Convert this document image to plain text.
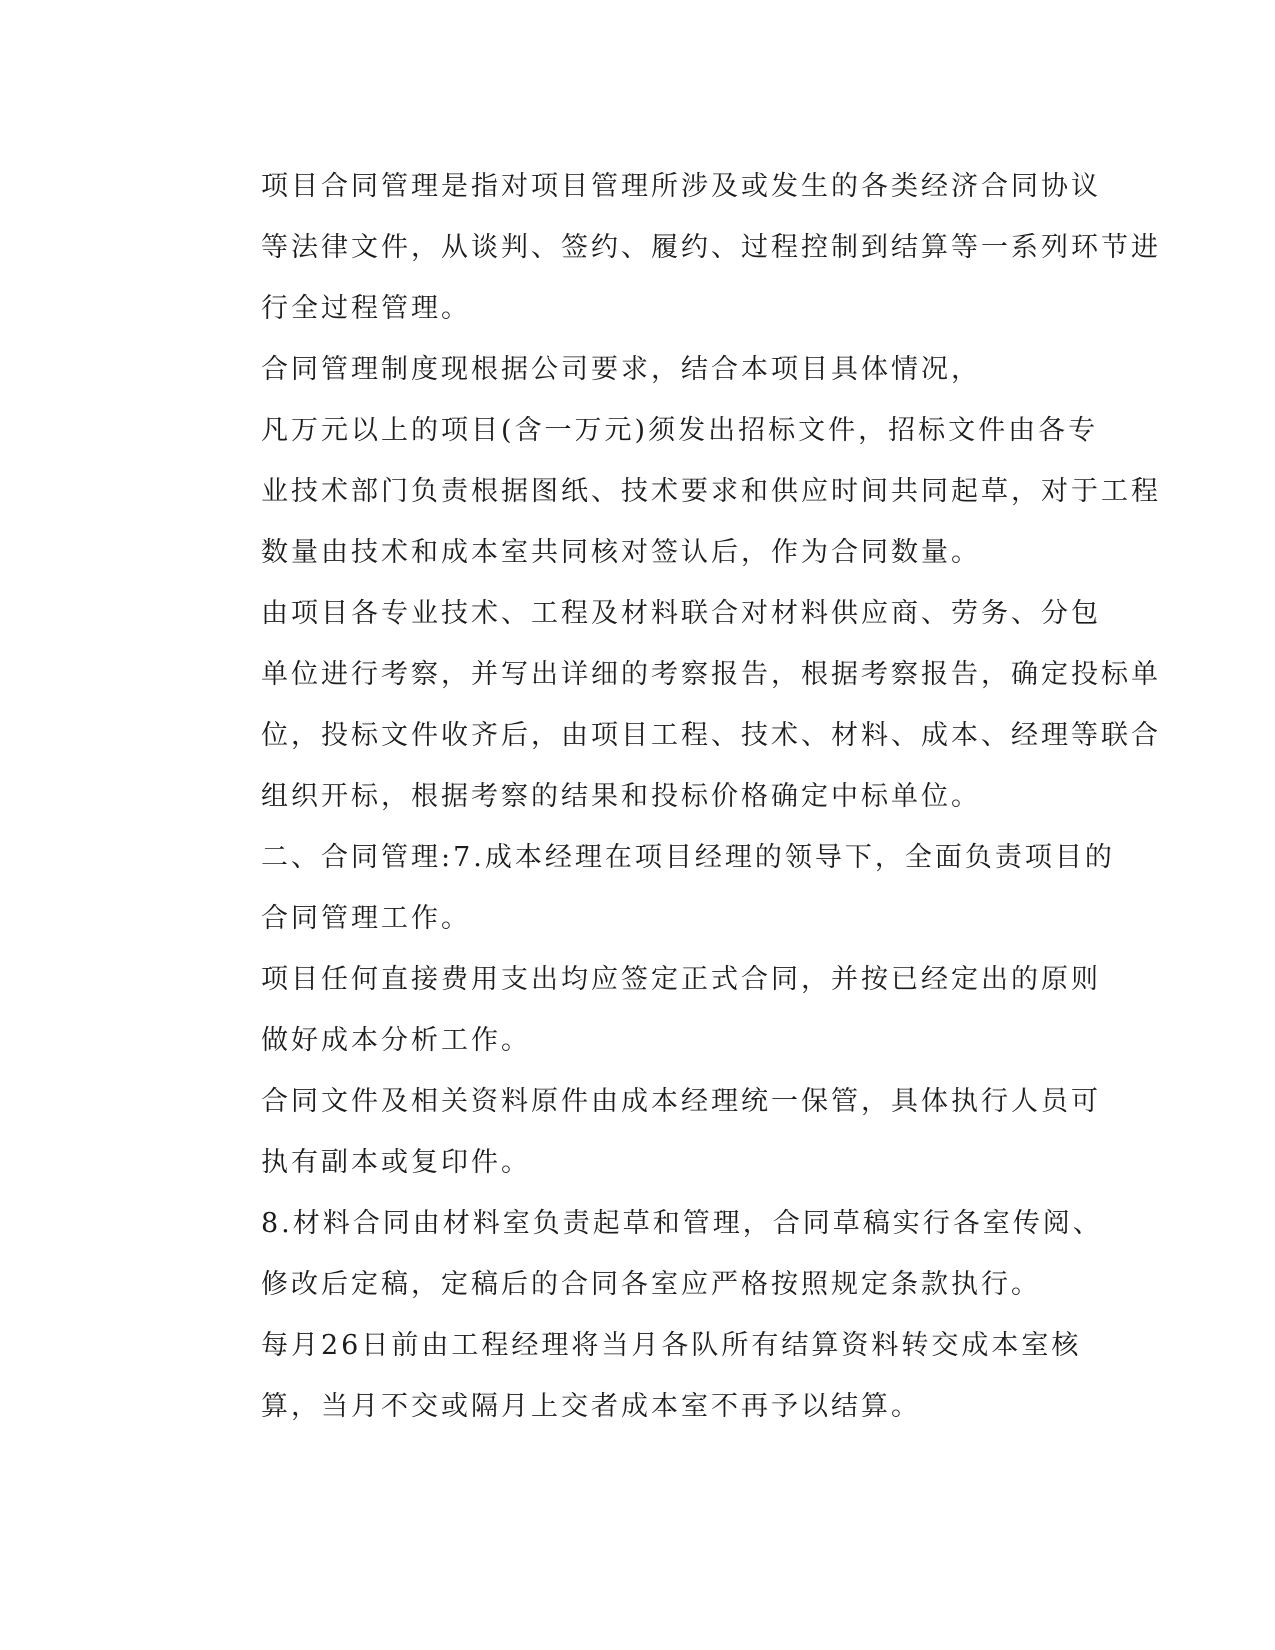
项目合同管理是指对项目管理所涉及或发生的各类经济合同协议
等法律文件，从谈判、签约、履约、过程控制到结算等一系列环节进
行全过程管理。

合同管理制度现根据公司要求，结合本项目具体情况，

凡万元以上的项目(含一万元)须发出招标文件，招标文件由各专
业技术部门负责根据图纸、技术要求和供应时间共同起草，对于工程
数量由技术和成本室共同核对签认后，作为合同数量。

由项目各专业技术、工程及材料联合对材料供应商、劳务、分包
单位进行考察，并写出详细的考察报告，根据考察报告，确定投标单
位，投标文件收齐后，由项目工程、技术、材料、成本、经理等联合
组织开标，根据考察的结果和投标价格确定中标单位。

二、合同管理:7.成本经理在项目经理的领导下，全面负责项目的
合同管理工作。

项目任何直接费用支出均应签定正式合同，并按已经定出的原则
做好成本分析工作。

合同文件及相关资料原件由成本经理统一保管，具体执行人员可
执有副本或复印件。

8.材料合同由材料室负责起草和管理，合同草稿实行各室传阅、
修改后定稿，定稿后的合同各室应严格按照规定条款执行。

每月26日前由工程经理将当月各队所有结算资料转交成本室核
算，当月不交或隔月上交者成本室不再予以结算。
